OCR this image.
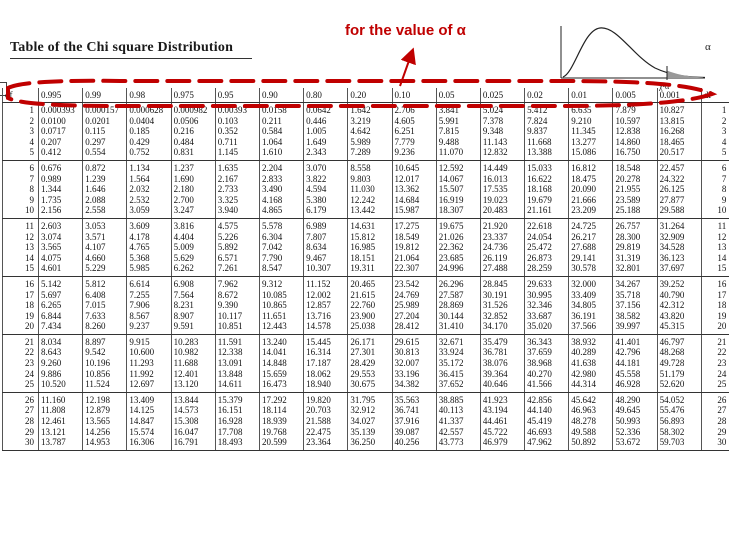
Table of the Chi square Distribution
for the value of α
α
χ²α
df	0.995	0.99	0.98	0.975	0.95	0.90	0.80	0.20	0.10	0.05	0.025	0.02	0.01	0.005	0.001	df
1	0.000393	0.000157	0.000628	0.000982	0.00393	0.0158	0.0642	1.642	2.706	3.841	5.024	5.412	6.635	7.879	10.827	1
2	0.0100	0.0201	0.0404	0.0506	0.103	0.211	0.446	3.219	4.605	5.991	7.378	7.824	9.210	10.597	13.815	2
3	0.0717	0.115	0.185	0.216	0.352	0.584	1.005	4.642	6.251	7.815	9.348	9.837	11.345	12.838	16.268	3
4	0.207	0.297	0.429	0.484	0.711	1.064	1.649	5.989	7.779	9.488	11.143	11.668	13.277	14.860	18.465	4
5	0.412	0.554	0.752	0.831	1.145	1.610	2.343	7.289	9.236	11.070	12.832	13.388	15.086	16.750	20.517	5
6	0.676	0.872	1.134	1.237	1.635	2.204	3.070	8.558	10.645	12.592	14.449	15.033	16.812	18.548	22.457	6
7	0.989	1.239	1.564	1.690	2.167	2.833	3.822	9.803	12.017	14.067	16.013	16.622	18.475	20.278	24.322	7
8	1.344	1.646	2.032	2.180	2.733	3.490	4.594	11.030	13.362	15.507	17.535	18.168	20.090	21.955	26.125	8
9	1.735	2.088	2.532	2.700	3.325	4.168	5.380	12.242	14.684	16.919	19.023	19.679	21.666	23.589	27.877	9
10	2.156	2.558	3.059	3.247	3.940	4.865	6.179	13.442	15.987	18.307	20.483	21.161	23.209	25.188	29.588	10
11	2.603	3.053	3.609	3.816	4.575	5.578	6.989	14.631	17.275	19.675	21.920	22.618	24.725	26.757	31.264	11
12	3.074	3.571	4.178	4.404	5.226	6.304	7.807	15.812	18.549	21.026	23.337	24.054	26.217	28.300	32.909	12
13	3.565	4.107	4.765	5.009	5.892	7.042	8.634	16.985	19.812	22.362	24.736	25.472	27.688	29.819	34.528	13
14	4.075	4.660	5.368	5.629	6.571	7.790	9.467	18.151	21.064	23.685	26.119	26.873	29.141	31.319	36.123	14
15	4.601	5.229	5.985	6.262	7.261	8.547	10.307	19.311	22.307	24.996	27.488	28.259	30.578	32.801	37.697	15
16	5.142	5.812	6.614	6.908	7.962	9.312	11.152	20.465	23.542	26.296	28.845	29.633	32.000	34.267	39.252	16
17	5.697	6.408	7.255	7.564	8.672	10.085	12.002	21.615	24.769	27.587	30.191	30.995	33.409	35.718	40.790	17
18	6.265	7.015	7.906	8.231	9.390	10.865	12.857	22.760	25.989	28.869	31.526	32.346	34.805	37.156	42.312	18
19	6.844	7.633	8.567	8.907	10.117	11.651	13.716	23.900	27.204	30.144	32.852	33.687	36.191	38.582	43.820	19
20	7.434	8.260	9.237	9.591	10.851	12.443	14.578	25.038	28.412	31.410	34.170	35.020	37.566	39.997	45.315	20
21	8.034	8.897	9.915	10.283	11.591	13.240	15.445	26.171	29.615	32.671	35.479	36.343	38.932	41.401	46.797	21
22	8.643	9.542	10.600	10.982	12.338	14.041	16.314	27.301	30.813	33.924	36.781	37.659	40.289	42.796	48.268	22
23	9.260	10.196	11.293	11.688	13.091	14.848	17.187	28.429	32.007	35.172	38.076	38.968	41.638	44.181	49.728	23
24	9.886	10.856	11.992	12.401	13.848	15.659	18.062	29.553	33.196	36.415	39.364	40.270	42.980	45.558	51.179	24
25	10.520	11.524	12.697	13.120	14.611	16.473	18.940	30.675	34.382	37.652	40.646	41.566	44.314	46.928	52.620	25
26	11.160	12.198	13.409	13.844	15.379	17.292	19.820	31.795	35.563	38.885	41.923	42.856	45.642	48.290	54.052	26
27	11.808	12.879	14.125	14.573	16.151	18.114	20.703	32.912	36.741	40.113	43.194	44.140	46.963	49.645	55.476	27
28	12.461	13.565	14.847	15.308	16.928	18.939	21.588	34.027	37.916	41.337	44.461	45.419	48.278	50.993	56.893	28
29	13.121	14.256	15.574	16.047	17.708	19.768	22.475	35.139	39.087	42.557	45.722	46.693	49.588	52.336	58.302	29
30	13.787	14.953	16.306	16.791	18.493	20.599	23.364	36.250	40.256	43.773	46.979	47.962	50.892	53.672	59.703	30
